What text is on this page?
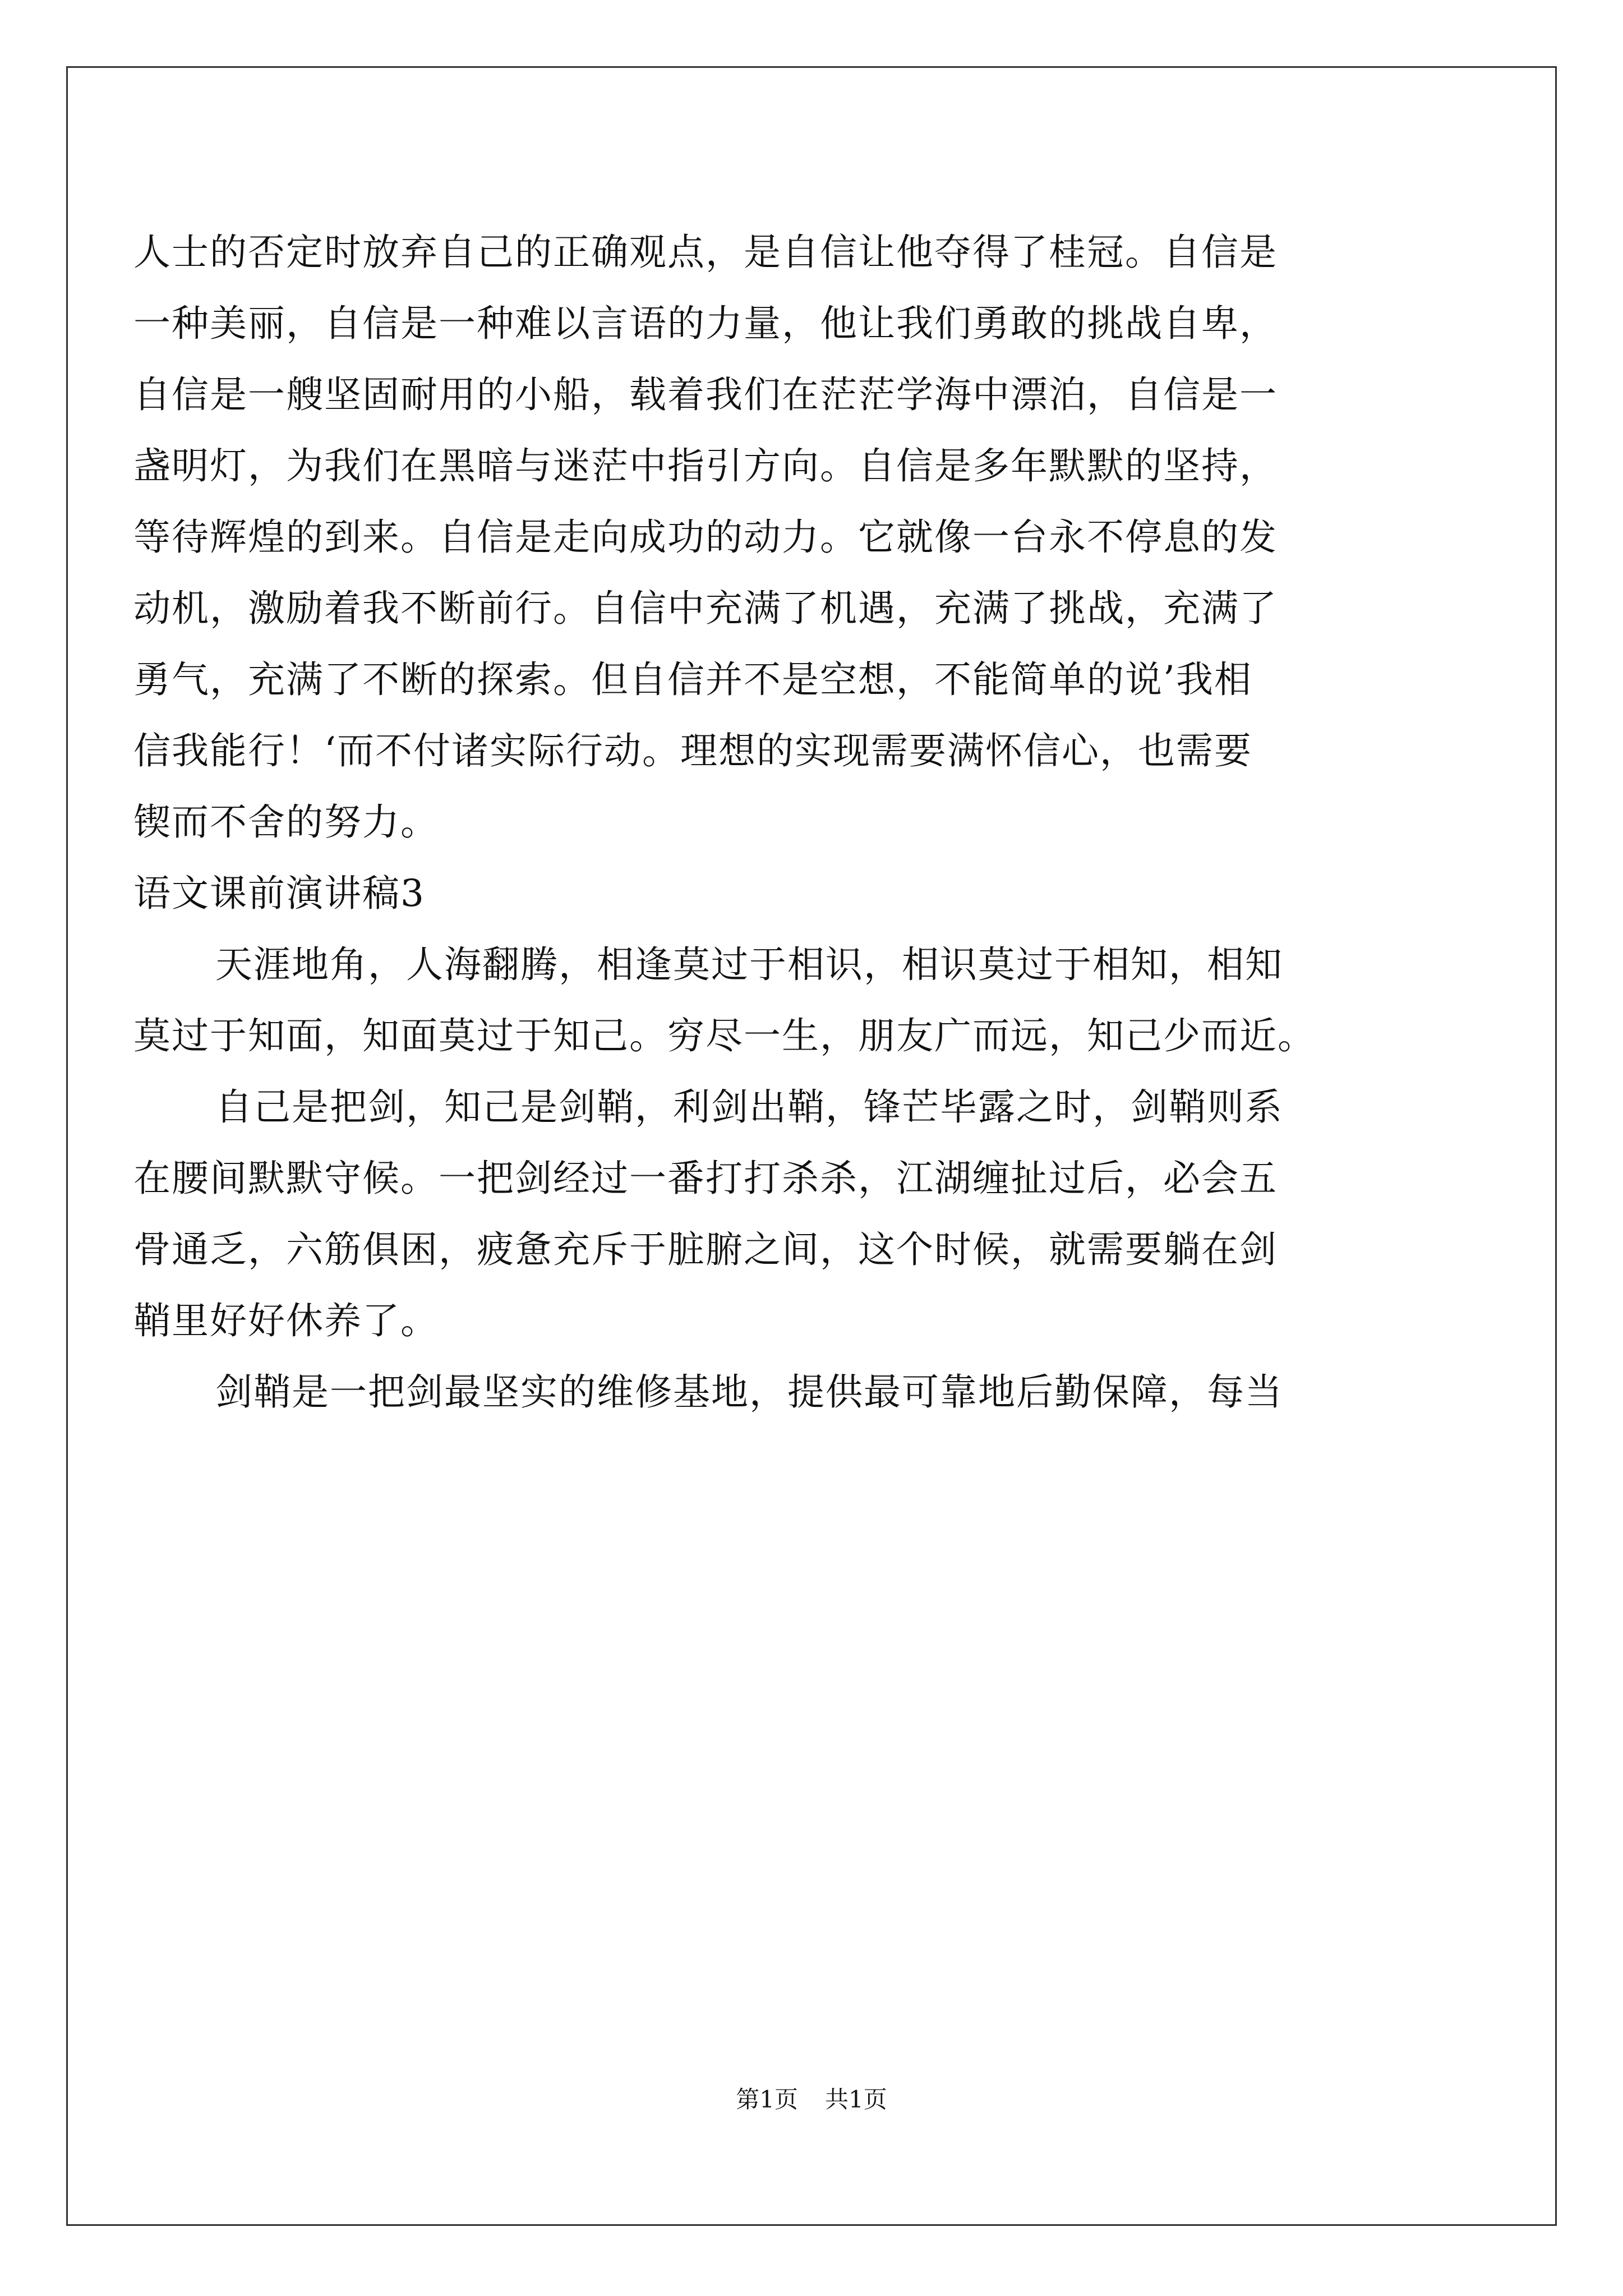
人士的否定时放弃自己的正确观点，是自信让他夺得了桂冠。自信是
一种美丽，自信是一种难以言语的力量，他让我们勇敢的挑战自卑，
自信是一艘坚固耐用的小船，载着我们在茫茫学海中漂泊，自信是一
盏明灯，为我们在黑暗与迷茫中指引方向。自信是多年默默的坚持，
等待辉煌的到来。自信是走向成功的动力。它就像一台永不停息的发
动机，激励着我不断前行。自信中充满了机遇，充满了挑战，充满了
勇气，充满了不断的探索。但自信并不是空想，不能简单的说’我相
信我能行！‘而不付诸实际行动。理想的实现需要满怀信心，也需要
锲而不舍的努力。
语文课前演讲稿3
天涯地角，人海翻腾，相逢莫过于相识，相识莫过于相知，相知
莫过于知面，知面莫过于知己。穷尽一生，朋友广而远，知己少而近。
自己是把剑，知己是剑鞘，利剑出鞘，锋芒毕露之时，剑鞘则系
在腰间默默守候。一把剑经过一番打打杀杀，江湖缠扯过后，必会五
骨通乏，六筋俱困，疲惫充斥于脏腑之间，这个时候，就需要躺在剑
鞘里好好休养了。
剑鞘是一把剑最坚实的维修基地，提供最可靠地后勤保障，每当
第1页 共1页
